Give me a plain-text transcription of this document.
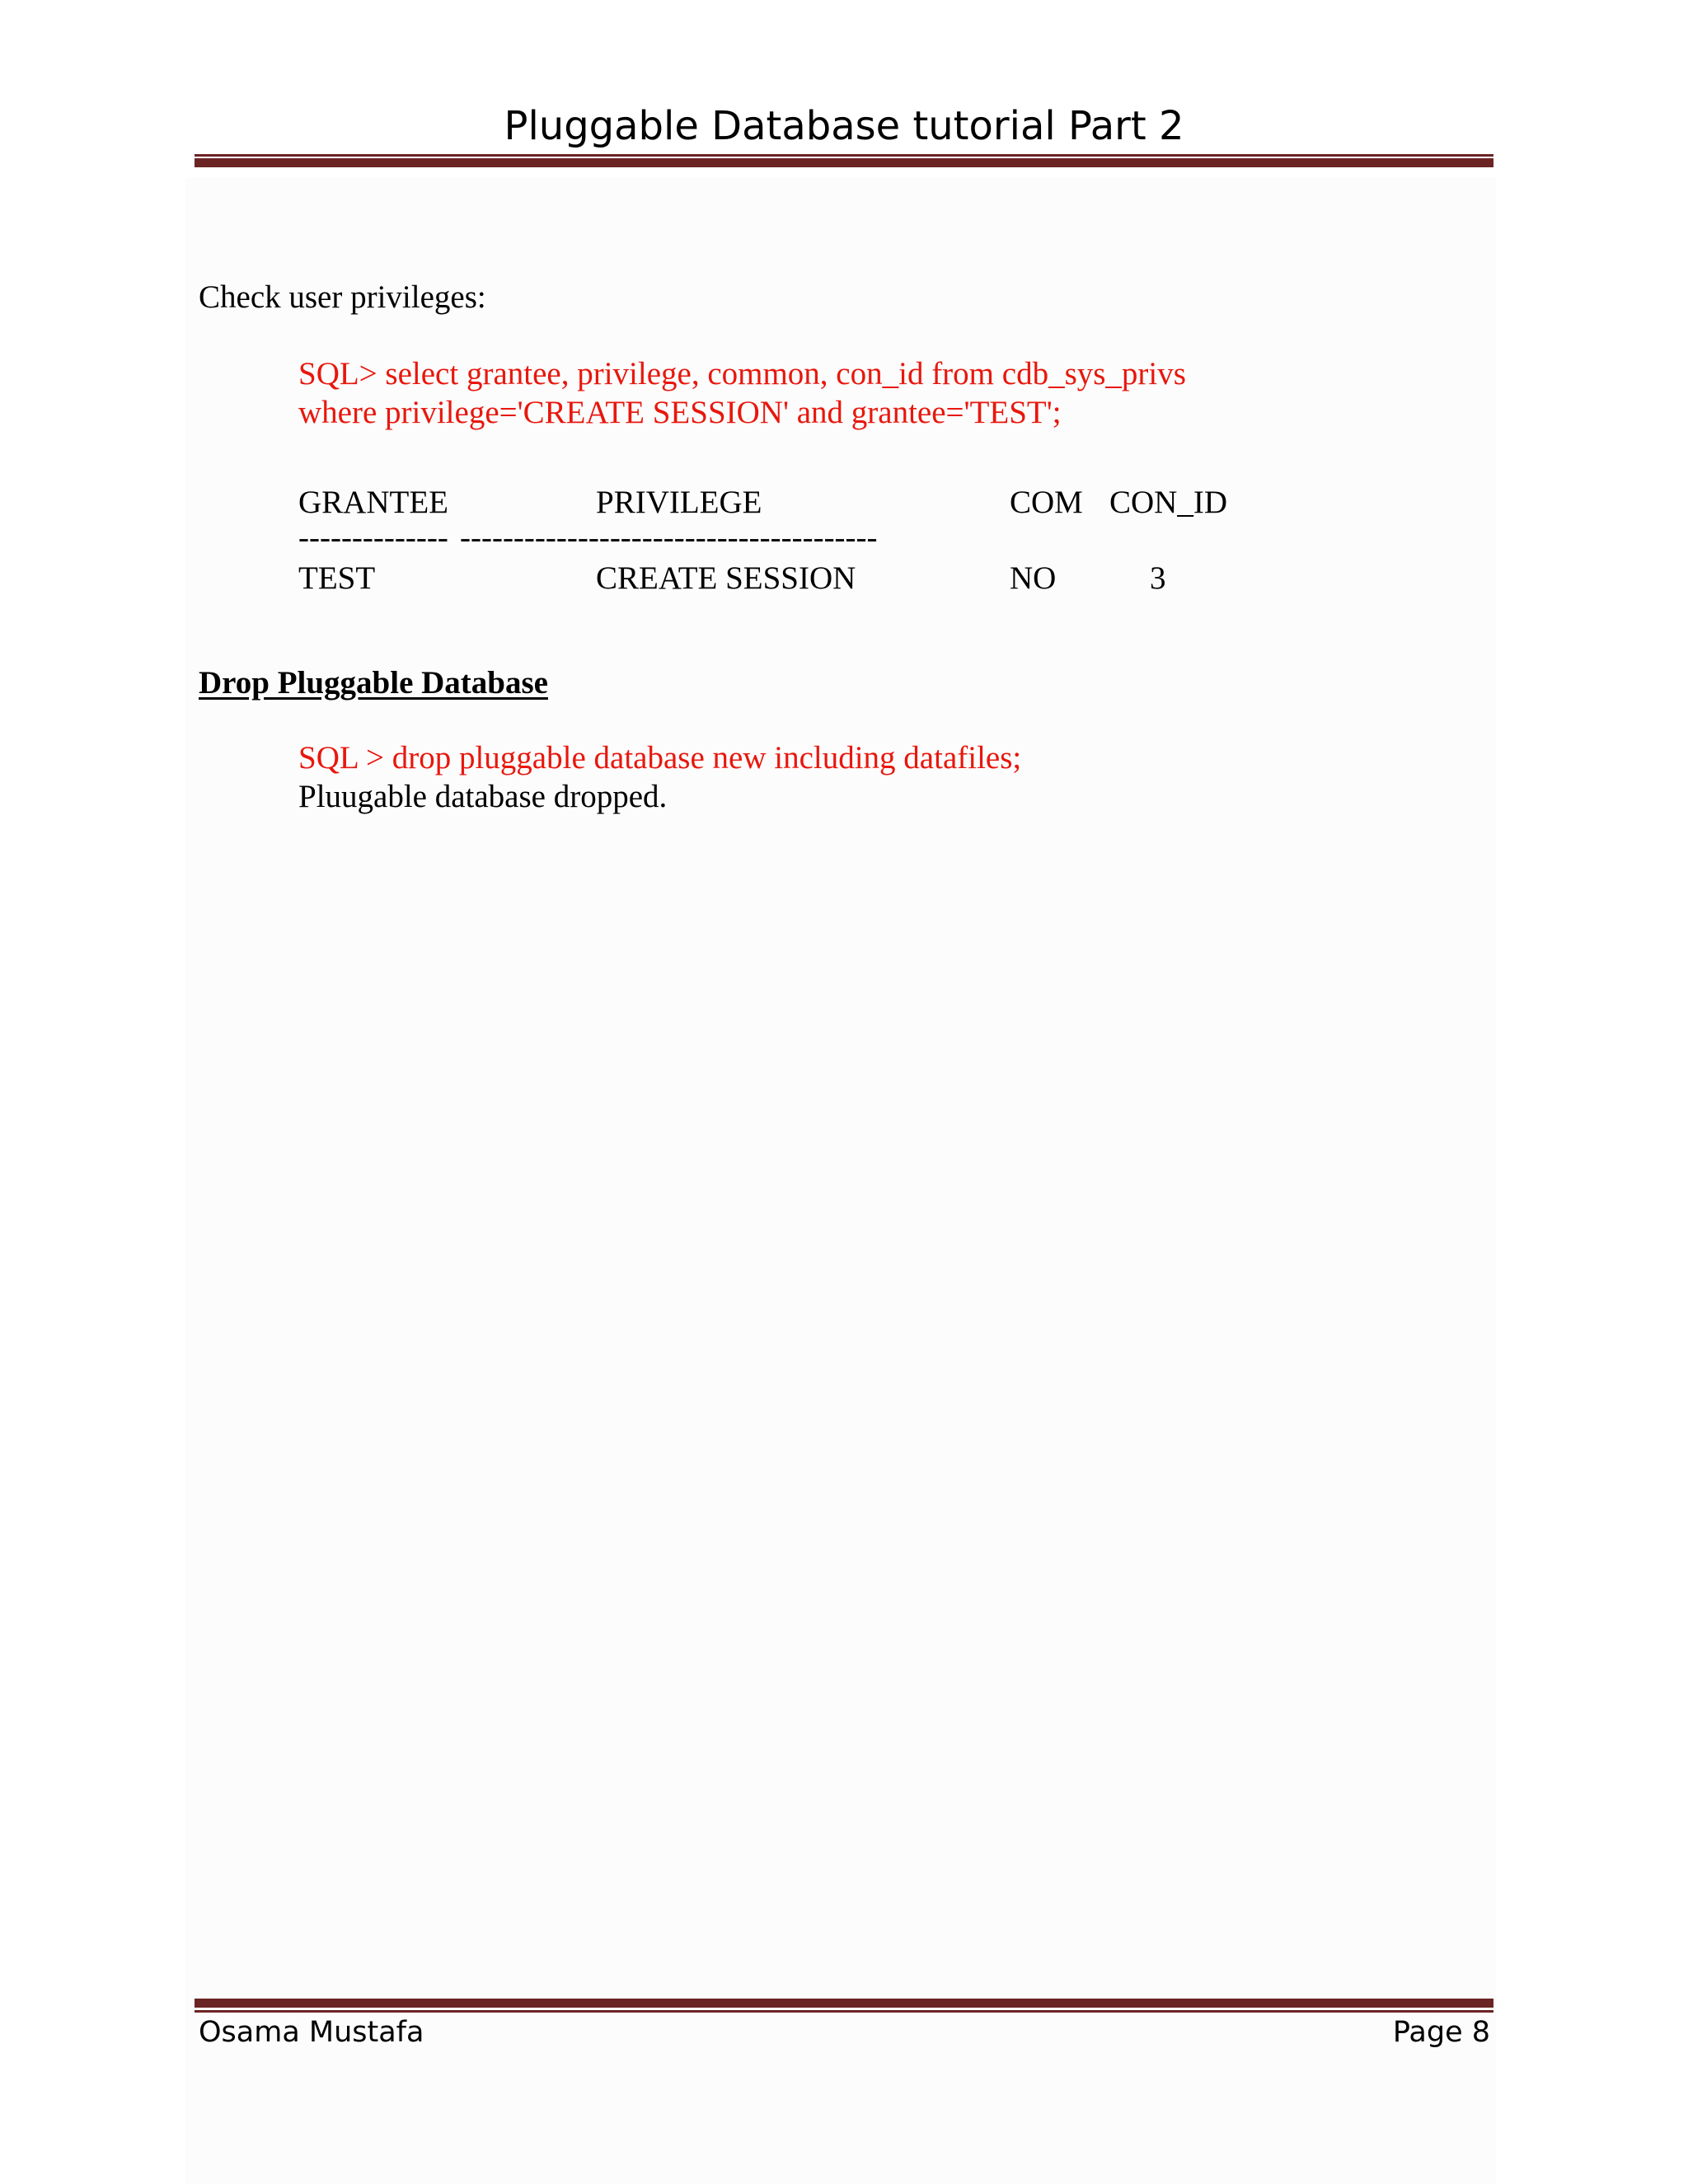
Pluggable Database tutorial Part 2
Check user privileges:
SQL> select grantee, privilege, common, con_id from cdb_sys_privs
where privilege='CREATE SESSION' and grantee='TEST';
GRANTEE	PRIVILEGE	COM CON_ID
-------------- ---------------------------------------
TEST	CREATE SESSION	NO	3
Drop Pluggable Database
SQL > drop pluggable database new including datafiles;
Pluugable database dropped.
Osama Mustafa	Page 8
